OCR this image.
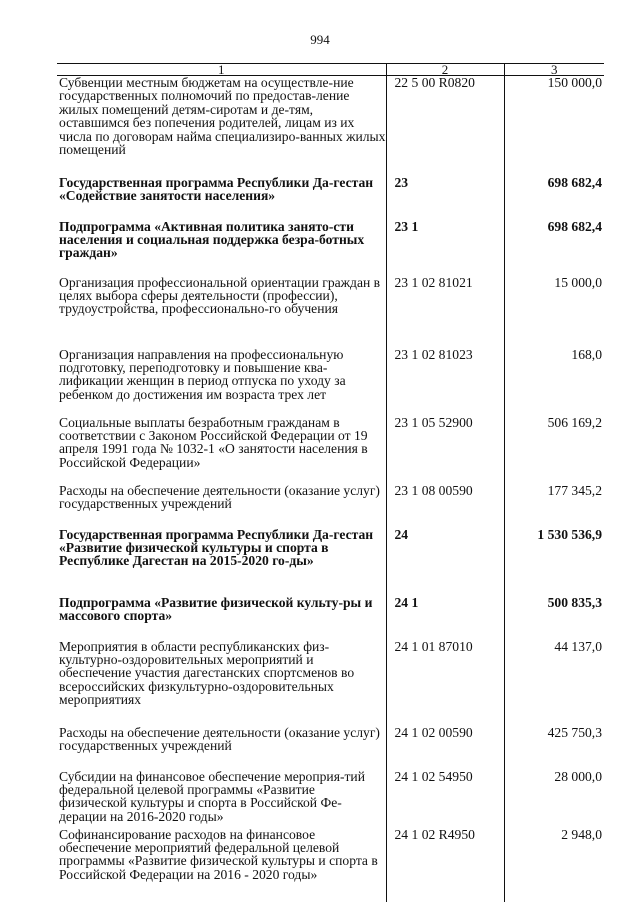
994
1	2	3
Субвенции местным бюджетам на осуществле-ние государственных полномочий по предостав-ление жилых помещений детям-сиротам и де-тям, оставшимся без попечения родителей, лицам из их числа по договорам найма специализиро-ванных жилых помещений	22 5 00 R0820	150 000,0
Государственная программа Республики Да-гестан «Содействие занятости населения»	23	698 682,4
Подпрограмма «Активная политика занято-сти населения и социальная поддержка безра-ботных граждан»	23 1	698 682,4
Организация профессиональной ориентации граждан в целях выбора сферы деятельности (профессии), трудоустройства, профессионально-го обучения	23 1 02 81021	15 000,0
Организация направления на профессиональную подготовку, переподготовку и повышение ква-лификации женщин в период отпуска по уходу за ребенком до достижения им возраста трех лет	23 1 02 81023	168,0
Социальные выплаты безработным гражданам в соответствии с Законом Российской Федерации от 19 апреля 1991 года № 1032-1 «О занятости населения в Российской Федерации»	23 1 05 52900	506 169,2
Расходы на обеспечение деятельности (оказание услуг) государственных учреждений	23 1 08 00590	177 345,2
Государственная программа Республики Да-гестан «Развитие физической культуры и спорта в Республике Дагестан на 2015-2020 го-ды»	24	1 530 536,9
Подпрограмма «Развитие физической культу-ры и массового спорта»	24 1	500 835,3
Мероприятия в области республиканских физ-культурно-оздоровительных мероприятий и обеспечение участия дагестанских спортсменов во всероссийских физкультурно-оздоровительных мероприятиях	24 1 01 87010	44 137,0
Расходы на обеспечение деятельности (оказание услуг) государственных учреждений	24 1 02 00590	425 750,3
Субсидии на финансовое обеспечение мероприя-тий федеральной целевой программы «Развитие физической культуры и спорта в Российской Фе-дерации на 2016-2020 годы»	24 1 02 54950	28 000,0
Софинансирование расходов на финансовое обеспечение мероприятий федеральной целевой программы «Развитие физической культуры и спорта в Российской Федерации на 2016 - 2020 годы»	24 1 02 R4950	2 948,0
